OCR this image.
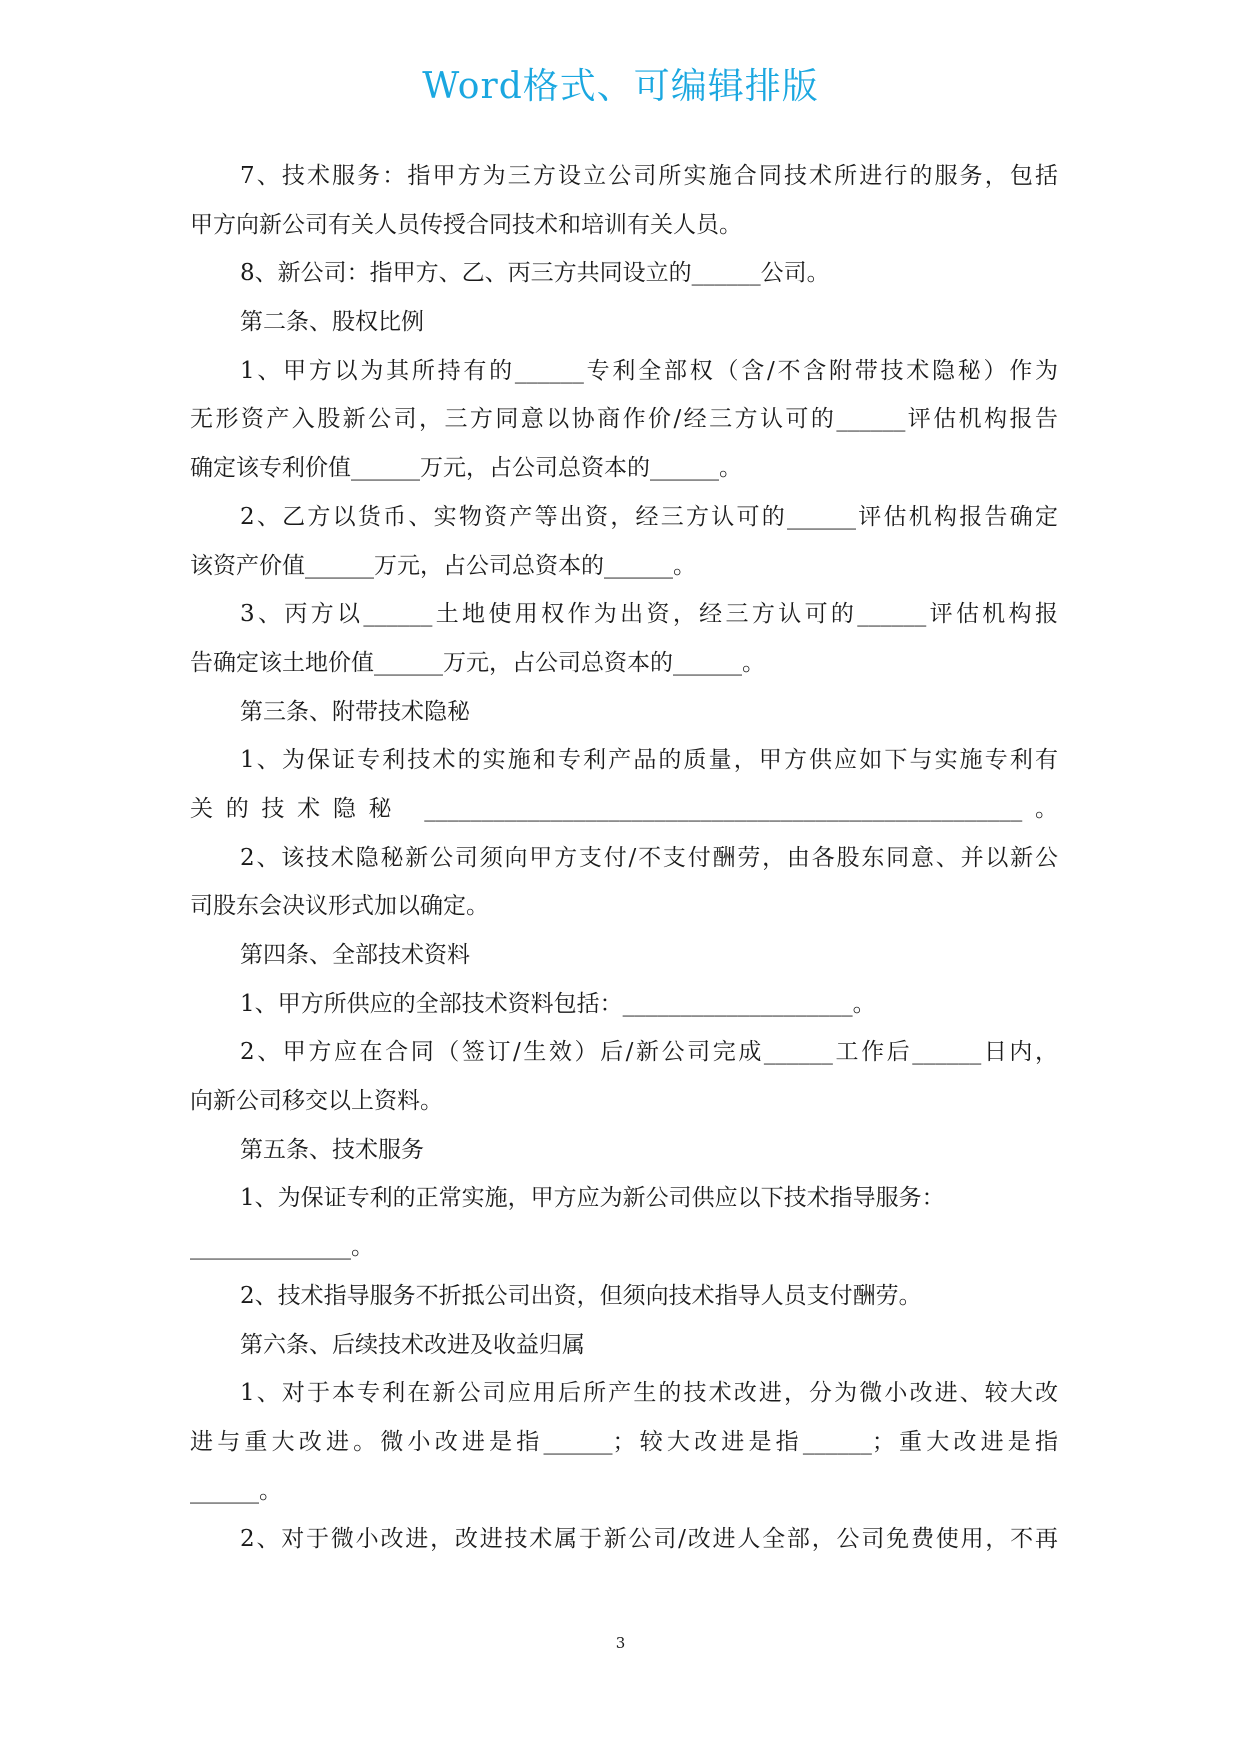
Word格式、可编辑排版
7、技术服务：指甲方为三方设立公司所实施合同技术所进行的服务，包括
甲方向新公司有关人员传授合同技术和培训有关人员。
8、新公司：指甲方、乙、丙三方共同设立的______公司。
第二条、股权比例
1、甲方以为其所持有的______专利全部权（含/不含附带技术隐秘）作为
无形资产入股新公司，三方同意以协商作价/经三方认可的______评估机构报告
确定该专利价值______万元，占公司总资本的______。
2、乙方以货币、实物资产等出资，经三方认可的______评估机构报告确定
该资产价值______万元，占公司总资本的______。
3、丙方以______土地使用权作为出资，经三方认可的______评估机构报
告确定该土地价值______万元，占公司总资本的______。
第三条、附带技术隐秘
1、为保证专利技术的实施和专利产品的质量，甲方供应如下与实施专利有
关的技术隐秘 ____________________________________________________。
2、该技术隐秘新公司须向甲方支付/不支付酬劳，由各股东同意、并以新公
司股东会决议形式加以确定。
第四条、全部技术资料
1、甲方所供应的全部技术资料包括：____________________。
2、甲方应在合同（签订/生效）后/新公司完成______工作后______日内，
向新公司移交以上资料。
第五条、技术服务
1、为保证专利的正常实施，甲方应为新公司供应以下技术指导服务：
______________。
2、技术指导服务不折抵公司出资，但须向技术指导人员支付酬劳。
第六条、后续技术改进及收益归属
1、对于本专利在新公司应用后所产生的技术改进，分为微小改进、较大改
进与重大改进。微小改进是指______；较大改进是指______；重大改进是指
______。
2、对于微小改进，改进技术属于新公司/改进人全部，公司免费使用，不再
3
